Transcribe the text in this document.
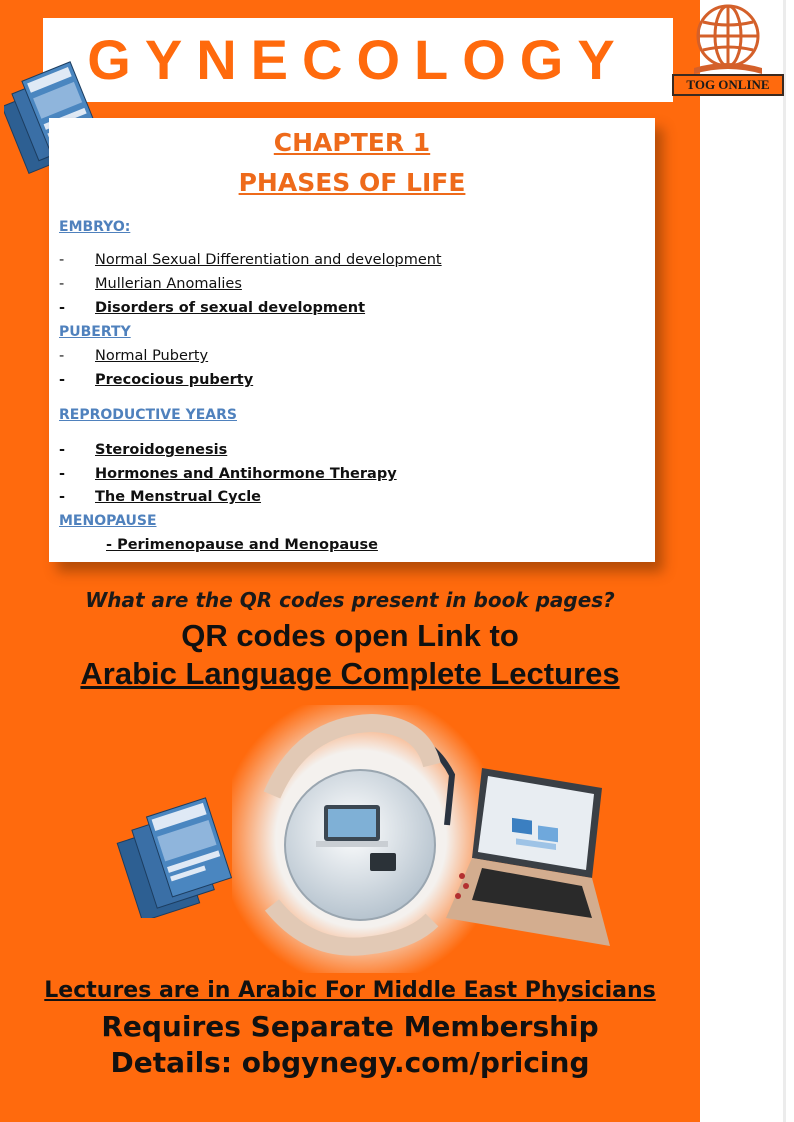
GYNECOLOGY	TOG ONLINE
CHAPTER 1
PHASES OF LIFE
EMBRYO:
- Normal Sexual Differentiation and development
- Mullerian Anomalies
- Disorders of sexual development
PUBERTY
- Normal Puberty
- Precocious puberty
REPRODUCTIVE YEARS
- Steroidogenesis
- Hormones and Antihormone Therapy
- The Menstrual Cycle
MENOPAUSE
- Perimenopause and Menopause
What are the QR codes present in book pages?
QR codes open Link to
Arabic Language Complete Lectures
Lectures are in Arabic For Middle East Physicians
Requires Separate Membership
Details: obgynegy.com/pricing
